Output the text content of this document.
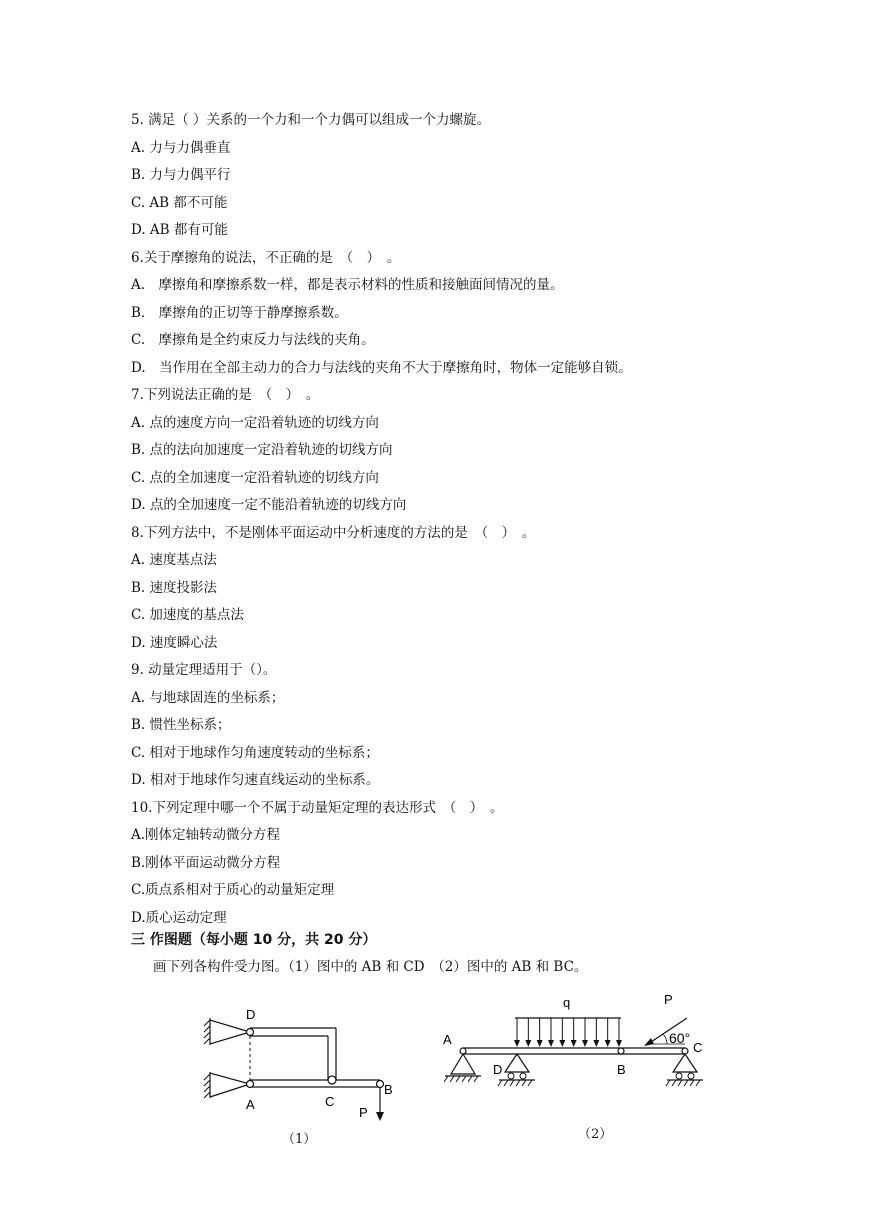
5. 满足（ ）关系的一个力和一个力偶可以组成一个力螺旋。
A. 力与力偶垂直
B. 力与力偶平行
C. AB 都不可能
D. AB 都有可能
6.关于摩擦角的说法，不正确的是　（　）　。
A.　摩擦角和摩擦系数一样，都是表示材料的性质和接触面间情况的量。
B.　摩擦角的正切等于静摩擦系数。
C.　摩擦角是全约束反力与法线的夹角。
D.　当作用在全部主动力的合力与法线的夹角不大于摩擦角时，物体一定能够自锁。
7.下列说法正确的是　（　）　。
A. 点的速度方向一定沿着轨迹的切线方向
B. 点的法向加速度一定沿着轨迹的切线方向
C. 点的全加速度一定沿着轨迹的切线方向
D. 点的全加速度一定不能沿着轨迹的切线方向
8.下列方法中，不是刚体平面运动中分析速度的方法的是　（　）　。
A. 速度基点法
B. 速度投影法
C. 加速度的基点法
D. 速度瞬心法
9. 动量定理适用于（）。
A. 与地球固连的坐标系；
B. 惯性坐标系；
C. 相对于地球作匀角速度转动的坐标系；
D. 相对于地球作匀速直线运动的坐标系。
10.下列定理中哪一个不属于动量矩定理的表达形式　（　）　。
A.刚体定轴转动微分方程
B.刚体平面运动微分方程
C.质点系相对于质心的动量矩定理
D.质心运动定理
三 作图题（每小题 10 分，共 20 分）
画下列各构件受力图。（1）图中的 AB 和 CD　（2）图中的 AB 和 BC。
D
A	C
B
P
（1）
q	P
60°
A
C
D	B
（2）
